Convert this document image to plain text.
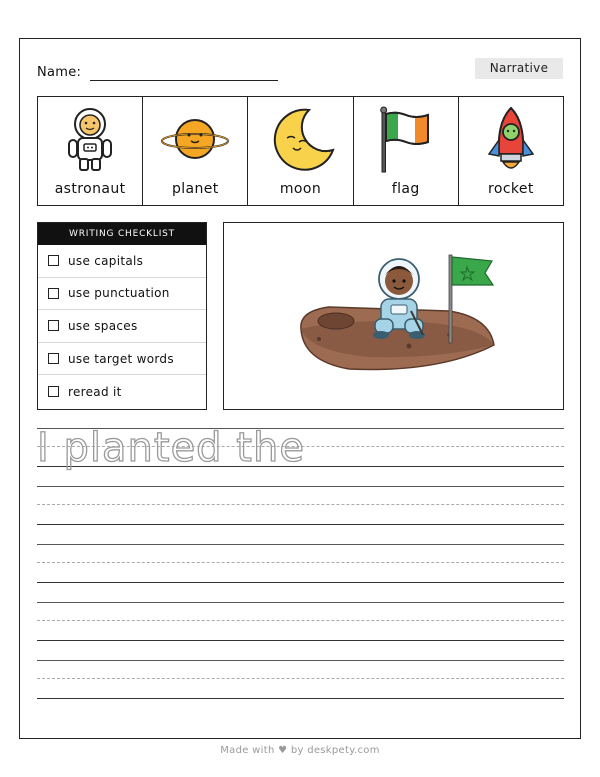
Name:	Narrative
astronaut	planet	moon	flag	rocket
WRITING CHECKLIST
use capitals
use punctuation
use spaces
use target words
reread it
I planted the
Made with ♥ by deskpety.com
